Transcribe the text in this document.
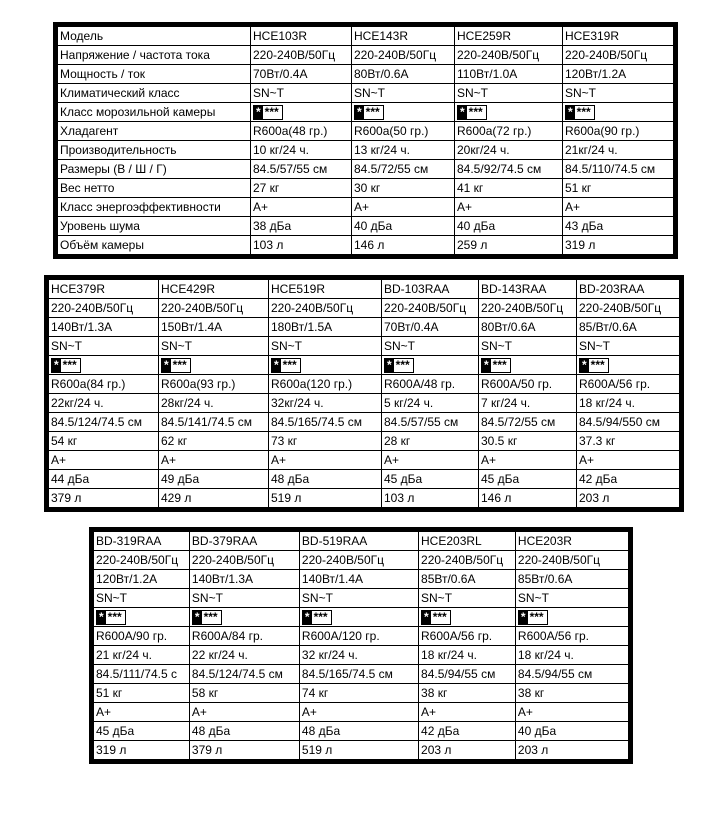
Модель	HCE103R	HCE143R	HCE259R	HCE319R
Напряжение / частота тока	220-240В/50Гц	220-240В/50Гц	220-240В/50Гц	220-240В/50Гц
Мощность / ток	70Вт/0.4А	80Вт/0.6А	110Вт/1.0А	120Вт/1.2А
Климатический класс	SN~T	SN~T	SN~T	SN~T
Класс морозильной камеры	* ***	* ***	* ***	* ***
Хладагент	R600a(48 гр.)	R600a(50 гр.)	R600a(72 гр.)	R600a(90 гр.)
Производительность	10 кг/24 ч.	13 кг/24 ч.	20кг/24 ч.	21кг/24 ч.
Размеры (В / Ш / Г)	84.5/57/55 см	84.5/72/55 см	84.5/92/74.5 см	84.5/110/74.5 см
Вес нетто	27 кг	30 кг	41 кг	51 кг
Класс энергоэффективности	А+	А+	А+	А+
Уровень шума	38 дБа	40 дБа	40 дБа	43 дБа
Объём камеры	103 л	146 л	259 л	319 л
HCE379R	HCE429R	HCE519R	BD-103RAA	BD-143RAA	BD-203RAA
220-240В/50Гц	220-240В/50Гц	220-240В/50Гц	220-240В/50Гц	220-240В/50Гц	220-240В/50Гц
140Вт/1.3А	150Вт/1.4А	180Вт/1.5А	70Вт/0.4А	80Вт/0.6А	85/Вт/0.6А
SN~T	SN~T	SN~T	SN~T	SN~T	SN~T
* ***	* ***	* ***	* ***	* ***	* ***
R600a(84 гр.)	R600a(93 гр.)	R600a(120 гр.)	R600A/48 гр.	R600A/50 гр.	R600A/56 гр.
22кг/24 ч.	28кг/24 ч.	32кг/24 ч.	5 кг/24 ч.	7 кг/24 ч.	18 кг/24 ч.
84.5/124/74.5 см	84.5/141/74.5 см	84.5/165/74.5 см	84.5/57/55 см	84.5/72/55 см	84.5/94/550 см
54 кг	62 кг	73 кг	28 кг	30.5 кг	37.3 кг
А+	А+	А+	А+	А+	А+
44 дБа	49 дБа	48 дБа	45 дБа	45 дБа	42 дБа
379 л	429 л	519 л	103 л	146 л	203 л
BD-319RAA	BD-379RAA	BD-519RAA	HCE203RL	HCE203R
220-240В/50Гц	220-240В/50Гц	220-240В/50Гц	220-240В/50Гц	220-240В/50Гц
120Вт/1.2А	140Вт/1.3А	140Вт/1.4А	85Вт/0.6А	85Вт/0.6А
SN~T	SN~T	SN~T	SN~T	SN~T
* ***	* ***	* ***	* ***	* ***
R600A/90 гр.	R600A/84 гр.	R600A/120 гр.	R600A/56 гр.	R600A/56 гр.
21 кг/24 ч.	22 кг/24 ч.	32 кг/24 ч.	18 кг/24 ч.	18 кг/24 ч.
84.5/111/74.5 с	84.5/124/74.5 см	84.5/165/74.5 см	84.5/94/55 см	84.5/94/55 см
51 кг	58 кг	74 кг	38 кг	38 кг
А+	А+	А+	А+	А+
45 дБа	48 дБа	48 дБа	42 дБа	40 дБа
319 л	379 л	519 л	203 л	203 л
